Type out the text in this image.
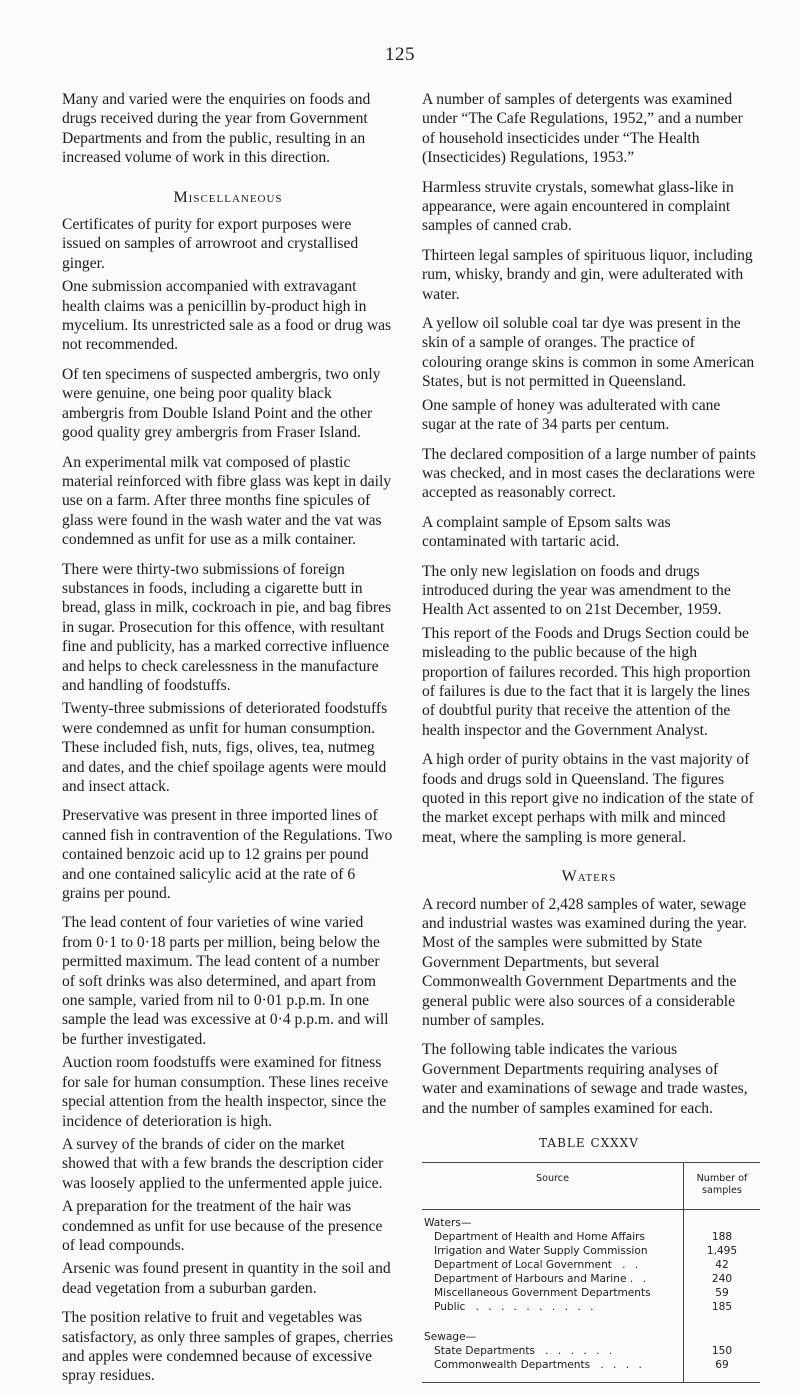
125

Many and varied were the enquiries on foods and drugs received during the year from Government Departments and from the public, resulting in an increased volume of work in this direction.

Miscellaneous

Certificates of purity for export purposes were issued on samples of arrowroot and crystallised ginger.

One submission accompanied with extravagant health claims was a penicillin by-product high in mycelium. Its unrestricted sale as a food or drug was not recommended.

Of ten specimens of suspected ambergris, two only were genuine, one being poor quality black ambergris from Double Island Point and the other good quality grey ambergris from Fraser Island.

An experimental milk vat composed of plastic material reinforced with fibre glass was kept in daily use on a farm. After three months fine spicules of glass were found in the wash water and the vat was condemned as unfit for use as a milk container.

There were thirty-two submissions of foreign substances in foods, including a cigarette butt in bread, glass in milk, cockroach in pie, and bag fibres in sugar. Prosecution for this offence, with resultant fine and publicity, has a marked corrective influence and helps to check carelessness in the manufacture and handling of foodstuffs.

Twenty-three submissions of deteriorated foodstuffs were condemned as unfit for human consumption. These included fish, nuts, figs, olives, tea, nutmeg and dates, and the chief spoilage agents were mould and insect attack.

Preservative was present in three imported lines of canned fish in contravention of the Regulations. Two contained benzoic acid up to 12 grains per pound and one contained salicylic acid at the rate of 6 grains per pound.

The lead content of four varieties of wine varied from 0·1 to 0·18 parts per million, being below the permitted maximum. The lead content of a number of soft drinks was also determined, and apart from one sample, varied from nil to 0·01 p.p.m. In one sample the lead was excessive at 0·4 p.p.m. and will be further investigated.

Auction room foodstuffs were examined for fitness for sale for human consumption. These lines receive special attention from the health inspector, since the incidence of deterioration is high.

A survey of the brands of cider on the market showed that with a few brands the description cider was loosely applied to the unfermented apple juice.

A preparation for the treatment of the hair was condemned as unfit for use because of the presence of lead compounds.

Arsenic was found present in quantity in the soil and dead vegetation from a suburban garden.

The position relative to fruit and vegetables was satisfactory, as only three samples of grapes, cherries and apples were condemned because of excessive spray residues.

A number of samples of detergents was examined under “The Cafe Regulations, 1952,” and a number of household insecticides under “The Health (Insecticides) Regulations, 1953.”

Harmless struvite crystals, somewhat glass-like in appearance, were again encountered in complaint samples of canned crab.

Thirteen legal samples of spirituous liquor, including rum, whisky, brandy and gin, were adulterated with water.

A yellow oil soluble coal tar dye was present in the skin of a sample of oranges. The practice of colouring orange skins is common in some American States, but is not permitted in Queensland.

One sample of honey was adulterated with cane sugar at the rate of 34 parts per centum.

The declared composition of a large number of paints was checked, and in most cases the declarations were accepted as reasonably correct.

A complaint sample of Epsom salts was contaminated with tartaric acid.

The only new legislation on foods and drugs introduced during the year was amendment to the Health Act assented to on 21st December, 1959.

This report of the Foods and Drugs Section could be misleading to the public because of the high proportion of failures recorded. This high proportion of failures is due to the fact that it is largely the lines of doubtful purity that receive the attention of the health inspector and the Government Analyst.

A high order of purity obtains in the vast majority of foods and drugs sold in Queensland. The figures quoted in this report give no indication of the state of the market except perhaps with milk and minced meat, where the sampling is more general.

Waters

A record number of 2,428 samples of water, sewage and industrial wastes was examined during the year. Most of the samples were submitted by State Government Departments, but several Commonwealth Government Departments and the general public were also sources of a considerable number of samples.

The following table indicates the various Government Departments requiring analyses of water and examinations of sewage and trade wastes, and the number of samples examined for each.

TABLE CXXXV
Source	Number of samples
Waters—	
Department of Health and Home Affairs	188
Irrigation and Water Supply Commission	1,495
Department of Local Government . .	42
Department of Harbours and Marine . .	240
Miscellaneous Government Departments	59
Public . . . . . . . . . .	185

Sewage—	
State Departments . . . . . .	150
Commonwealth Departments . . . .	69
